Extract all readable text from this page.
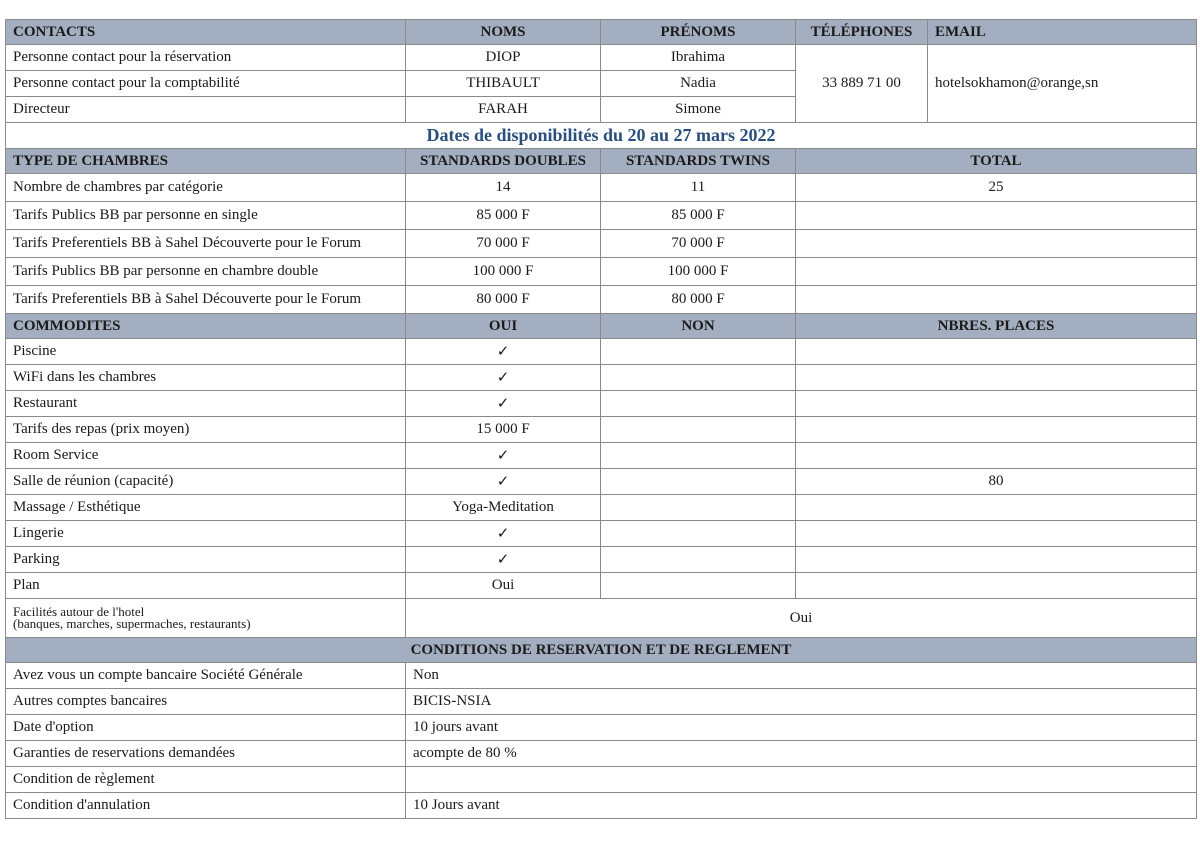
CONTACTS	NOMS	PRÉNOMS	TÉLÉPHONES	EMAIL
Personne contact pour la réservation	DIOP	Ibrahima	33 889 71 00	hotelsokhamon@orange,sn
Personne contact pour la comptabilité	THIBAULT	Nadia		
Directeur	FARAH	Simone		
Dates de disponibilités du 20 au 27 mars 2022				
TYPE DE CHAMBRES	STANDARDS DOUBLES	STANDARDS TWINS	TOTAL	
Nombre de chambres par catégorie	14	11	25	
Tarifs Publics BB par personne en single	85 000 F	85 000 F		
Tarifs Preferentiels BB à Sahel Découverte pour le Forum	70 000 F	70 000 F		
Tarifs Publics BB par personne en chambre double	100 000 F	100 000 F		
Tarifs Preferentiels BB à Sahel Découverte pour le Forum	80 000 F	80 000 F		
COMMODITES	OUI	NON	NBRES. PLACES	
Piscine	✓			
WiFi dans les chambres	✓			
Restaurant	✓			
Tarifs des repas (prix moyen)	15 000 F			
Room Service	✓			
Salle de réunion (capacité)	✓		80	
Massage / Esthétique	Yoga-Meditation			
Lingerie	✓			
Parking	✓			
Plan	Oui			

Facilités autour de l'hotel
(banques, marches, supermaches, restaurants)	Oui			
CONDITIONS DE RESERVATION ET DE REGLEMENT				
Avez vous un compte bancaire Société Générale	Non			
Autres comptes bancaires	BICIS-NSIA			
Date d'option	10 jours avant			
Garanties de reservations demandées	acompte de 80 %			
Condition de règlement				
Condition d'annulation	10 Jours avant			
